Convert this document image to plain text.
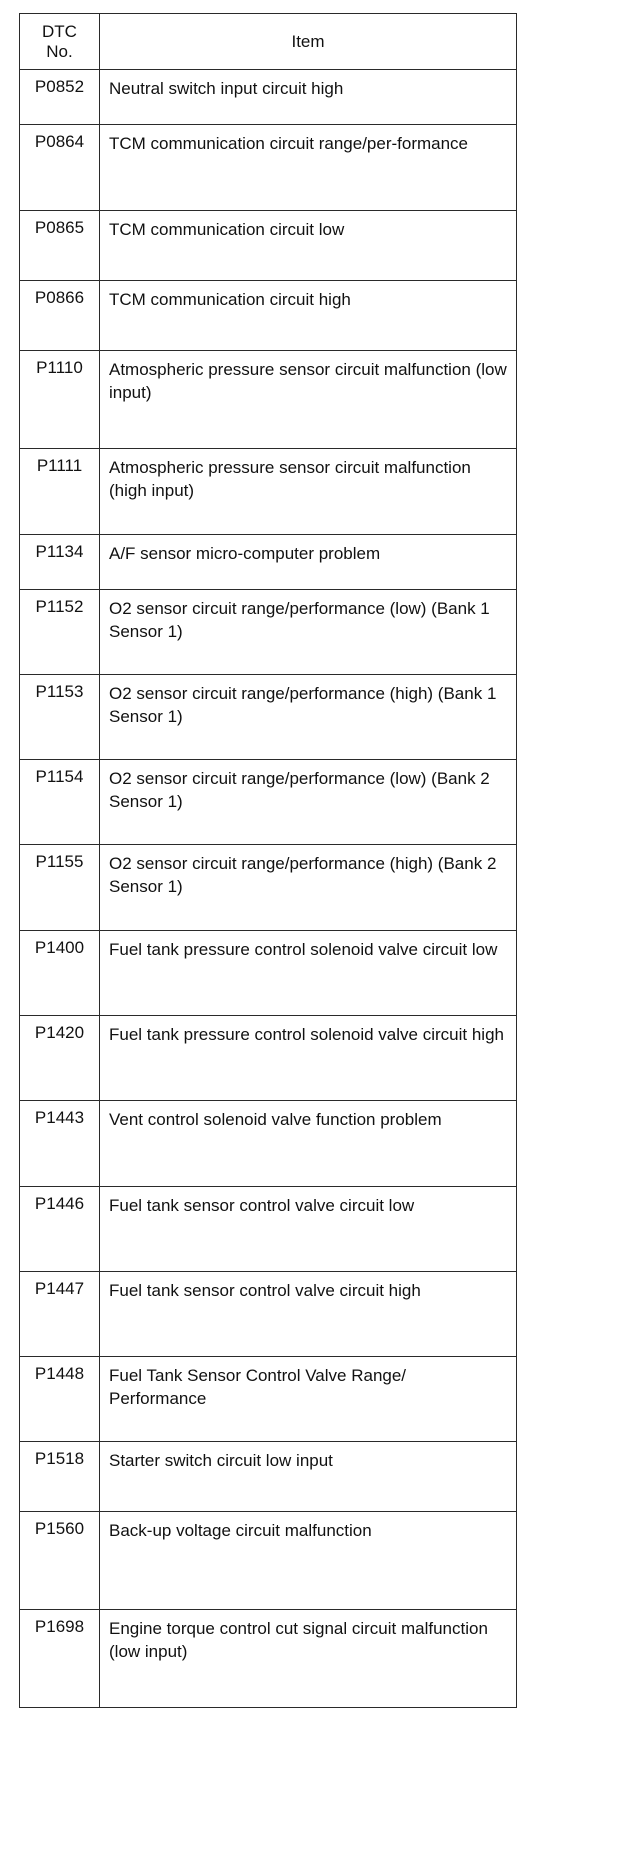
DTC
No.	Item
P0852	Neutral switch input circuit high
P0864	TCM communication circuit range/per-formance
P0865	TCM communication circuit low
P0866	TCM communication circuit high
P1110	Atmospheric pressure sensor circuit malfunction (low input)
P1111	Atmospheric pressure sensor circuit malfunction (high input)
P1134	A/F sensor micro-computer problem
P1152	O2 sensor circuit range/performance (low) (Bank 1 Sensor 1)
P1153	O2 sensor circuit range/performance (high) (Bank 1 Sensor 1)
P1154	O2 sensor circuit range/performance (low) (Bank 2 Sensor 1)
P1155	O2 sensor circuit range/performance (high) (Bank 2 Sensor 1)
P1400	Fuel tank pressure control solenoid valve circuit low
P1420	Fuel tank pressure control solenoid valve circuit high
P1443	Vent control solenoid valve function problem
P1446	Fuel tank sensor control valve circuit low
P1447	Fuel tank sensor control valve circuit high
P1448	Fuel Tank Sensor Control Valve Range/ Performance
P1518	Starter switch circuit low input
P1560	Back-up voltage circuit malfunction
P1698	Engine torque control cut signal circuit malfunction (low input)
